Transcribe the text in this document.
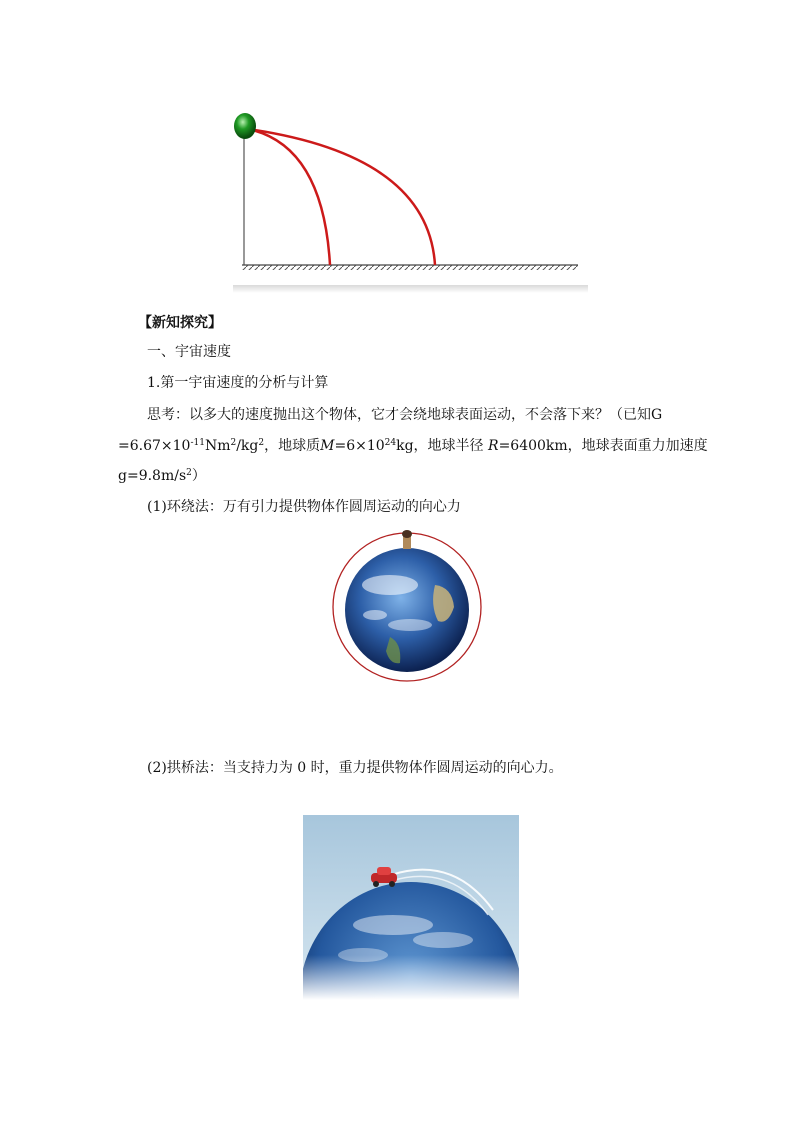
【新知探究】
一、宇宙速度
1.第一宇宙速度的分析与计算
思考：以多大的速度抛出这个物体，它才会绕地球表面运动，不会落下来？（已知G
$=6.67\times 10^{-11}Nm^2/kg^2$，地球质$M=6\times 10^{24}kg$，地球半径 R=6400km，地球表面重力加速度
$g=9.8m/s^2$）
(1)环绕法：万有引力提供物体作圆周运动的向心力
(2)拱桥法：当支持力为 0 时，重力提供物体作圆周运动的向心力。
